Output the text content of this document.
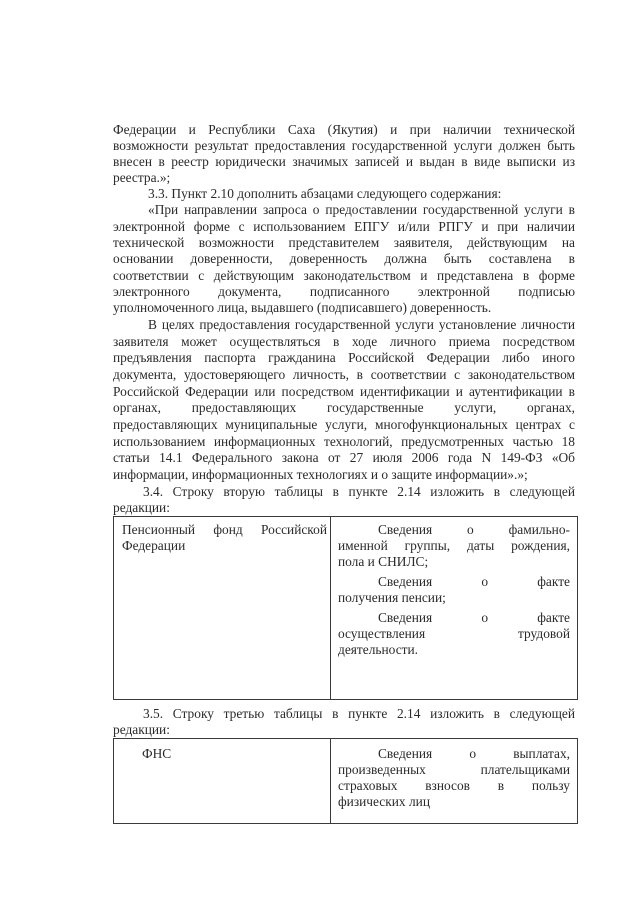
Федерации и Республики Саха (Якутия) и при наличии технической
возможности результат предоставления государственной услуги должен быть
внесен в реестр юридически значимых записей и выдан в виде выписки из
реестра.»;
3.3. Пункт 2.10 дополнить абзацами следующего содержания:
«При направлении запроса о предоставлении государственной услуги в
электронной форме с использованием ЕПГУ и/или РПГУ и при наличии
технической возможности представителем заявителя, действующим на
основании доверенности, доверенность должна быть составлена в
соответствии с действующим законодательством и представлена в форме
электронного документа, подписанного электронной подписью
уполномоченного лица, выдавшего (подписавшего) доверенность.
В целях предоставления государственной услуги установление личности
заявителя может осуществляться в ходе личного приема посредством
предъявления паспорта гражданина Российской Федерации либо иного
документа, удостоверяющего личность, в соответствии с законодательством
Российской Федерации или посредством идентификации и аутентификации в
органах, предоставляющих государственные услуги, органах,
предоставляющих муниципальные услуги, многофункциональных центрах с
использованием информационных технологий, предусмотренных частью 18
статьи 14.1 Федерального закона от 27 июля 2006 года N 149-ФЗ «Об
информации, информационных технологиях и о защите информации».»;
3.4. Строку вторую таблицы в пункте 2.14 изложить в следующей
редакции:
Пенсионный фонд Российской
Федерации
Сведения о фамильно-
именной группы, даты рождения,
пола и СНИЛС;
Сведения о факте
получения пенсии;
Сведения о факте
осуществления трудовой
деятельности.
3.5. Строку третью таблицы в пункте 2.14 изложить в следующей
редакции:
ФНС	Сведения о выплатах,
произведенных плательщиками
страховых взносов в пользу
физических лиц
